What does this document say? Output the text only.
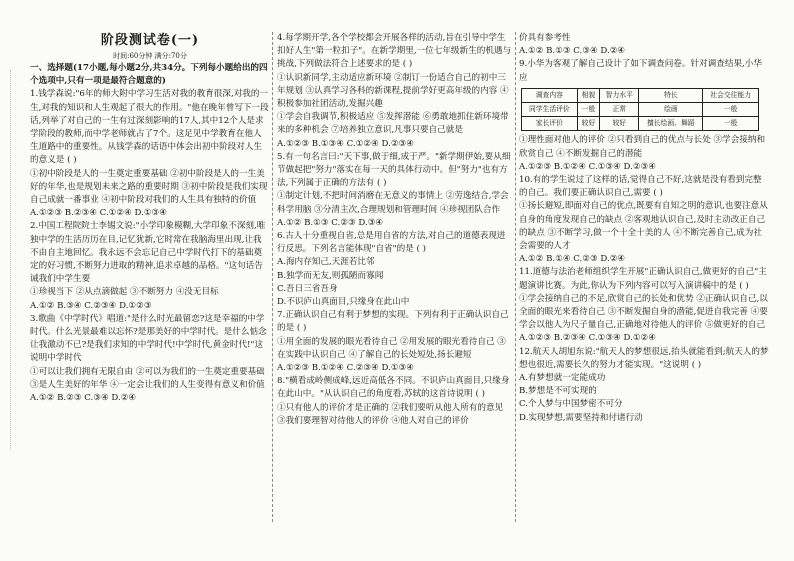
阶段测试卷(一)
时间:60分钟 满分:70分

一、选择题(17小题,每小题2分,共34分。下列每小题给出的四个选项中,只有一项是最符合题意的)

1.钱学森说:"6年的师大附中学习生活对我的教育很深,对我的一生,对我的知识和人生观起了很大的作用。"他在晚年曾写下一段话,列举了对自己的一生有过深刻影响的17人,其中12个人是求学阶段的教师,而中学老师就占了7个。这足见中学教育在他人生道路中的重要性。从钱学森的话语中体会出初中阶段对人生的意义是 ( )

①初中阶段是人的一生奠定重要基础 ②初中阶段是人的一生美好的年华,也是规划未来之路的重要时期 ③初中阶段是我们实现自己成就一番事业 ④初中阶段对我们的人生具有独特的价值

A.①②③ B.②③④ C.①②④ D.①③④

2.中国工程院院士李锡文说:"小学印象模糊,大学印象不深刻,唯独中学的生活历历在目,记忆犹新,它时常在我脑海里出现,让我不由自主地回忆。我永远不会忘记自己中学时代打下的基础奠定的好习惯,不断努力进取的精神,追求卓越的品格。"这句话告诫我们中学生要

①珍视当下 ②从点滴做起 ③不断努力 ④没无目标

A.①② B.③④ C.②③④ D.①②③

3.歌曲《中学时代》唱道:"是什么时光最留恋?这是幸福的中学时代。什么光景最难以忘怀?是那美好的中学时代。是什么惦念让我激动不已?是我们求知的中学时代!中学时代,黄金时代!"这说明中学时代

①可以让我们拥有无限自由 ②可以为我们的一生奠定重要基础 ③是人生美好的年华 ④一定会让我们的人生变得有意义和价值

A.①② B.②③ C.③④ D.②④

4.每学期开学,各个学校都会开展各样的活动,旨在引导中学生扣好人生"第一粒扣子"。在新学期里,一位七年级新生的机遇与挑战,下列做法符合上述要求的是 ( )

①认识新同学,主动适应新环境 ②制订一份适合自己的初中三年规划 ③认真学习各科的新课程,提前学好更高年级的内容 ④积极参加社团活动,发掘兴趣

①学会自我调节,积极适应 ⑤发挥潜能 ⑥勇敢地抓住新环境带来的多种机会 ⑦培养独立意识,凡事只要自己就是

A.①②③ B.①③④ C.①②④ D.②③④

5.有一句名言曰:"天下事,做于细,成于严。"新学期伊始,要从细节做起把"努力"落实在每一天的具体行动中。但"努力"也有方法,下列属于正确的方法有 ( )

①制定计划,不把时间消磨在无意义的事情上 ②劳逸结合,学会科学用脑 ③分清主次,合理规划和管理时间 ④珍视团队合作

A.①② B.①③ C.②③ D.③④

6.古人十分重视自省,总是用自省的方法,对自己的道德表现进行反思。下列名言能体现"自省"的是 ( )

A.海内存知己,天涯若比邻

B.独学而无友,则孤陋而寡闻

C.吾日三省吾身

D.不识庐山真面目,只缘身在此山中

7.正确认识自己有利于梦想的实现。下列有利于正确认识自己的是 ( )

①用全面的发展的眼光看待自己 ②用发展的眼光看待自己 ③在实践中认识自己 ④了解自己的长处短处,扬长避短

A.①②③ B.①②④ C.②③④ D.①③④

8."横看成岭侧成峰,远近高低各不同。不识庐山真面目,只缘身在此山中。"从认识自己的角度看,苏轼的这首诗说明 ( )

①只有他人的评价才是正确的 ②我们要听从他人所有的意见 ③我们要理智对待他人的评价 ④他人对自己的评价

价具有参考性

A.①② B.①③ C.③④ D.②④

9.小华为客观了解自己设计了如下调查问卷。针对调查结果,小华应

调查内容	相貌	智力水平	特长	社会交往能力
同学生活评价	一般	正常	绘画	一般
家长评价	较好	较好	擅长绘画、舞蹈	一般

①理性面对他人的评价 ②只看到自己的优点与长处 ③学会接纳和欣赏自己 ④不断发掘自己的潜能

A.①②③ B.①②④ C.①③④ D.②③④

10.有的学生说过了这样的话,觉得自己不好,这就是没有看到完整的自己。我们要正确认识自己,需要 ( )

①扬长避短,即面对自己的优点,既要有自知之明的意识,也要注意从自身的角度发现自己的缺点 ②客观地认识自己,及时主动改正自己的缺点 ③不断学习,做一个十全十美的人 ④不断完善自己,成为社会需要的人才

A.①② B.①④ C.②③ D.②④

11.道德与法治老师组织学生开展"正确认识自己,做更好的自己"主题演讲比赛。为此,你认为下列内容可以写入演讲稿中的是 ( )

①学会接纳自己的不足,欣赏自己的长处和优势 ②正确认识自己,以全面的眼光来看待自己 ③不断发掘自身的潜能,促进自我完善 ④要学会以他人为尺子量自己,正确地对待他人的评价 ⑤做更好的自己

A.①②③ B.②③④ C.①③④ D.①②④

12.航天人胡旭东说:"航天人的梦想很远,抬头就能看到;航天人的梦想也很近,需要长久的努力才能实现。"这说明 ( )

A.有梦想就一定能成功

B.梦想是不可实现的

C.个人梦与中国梦密不可分

D.实现梦想,需要坚持和付诸行动
